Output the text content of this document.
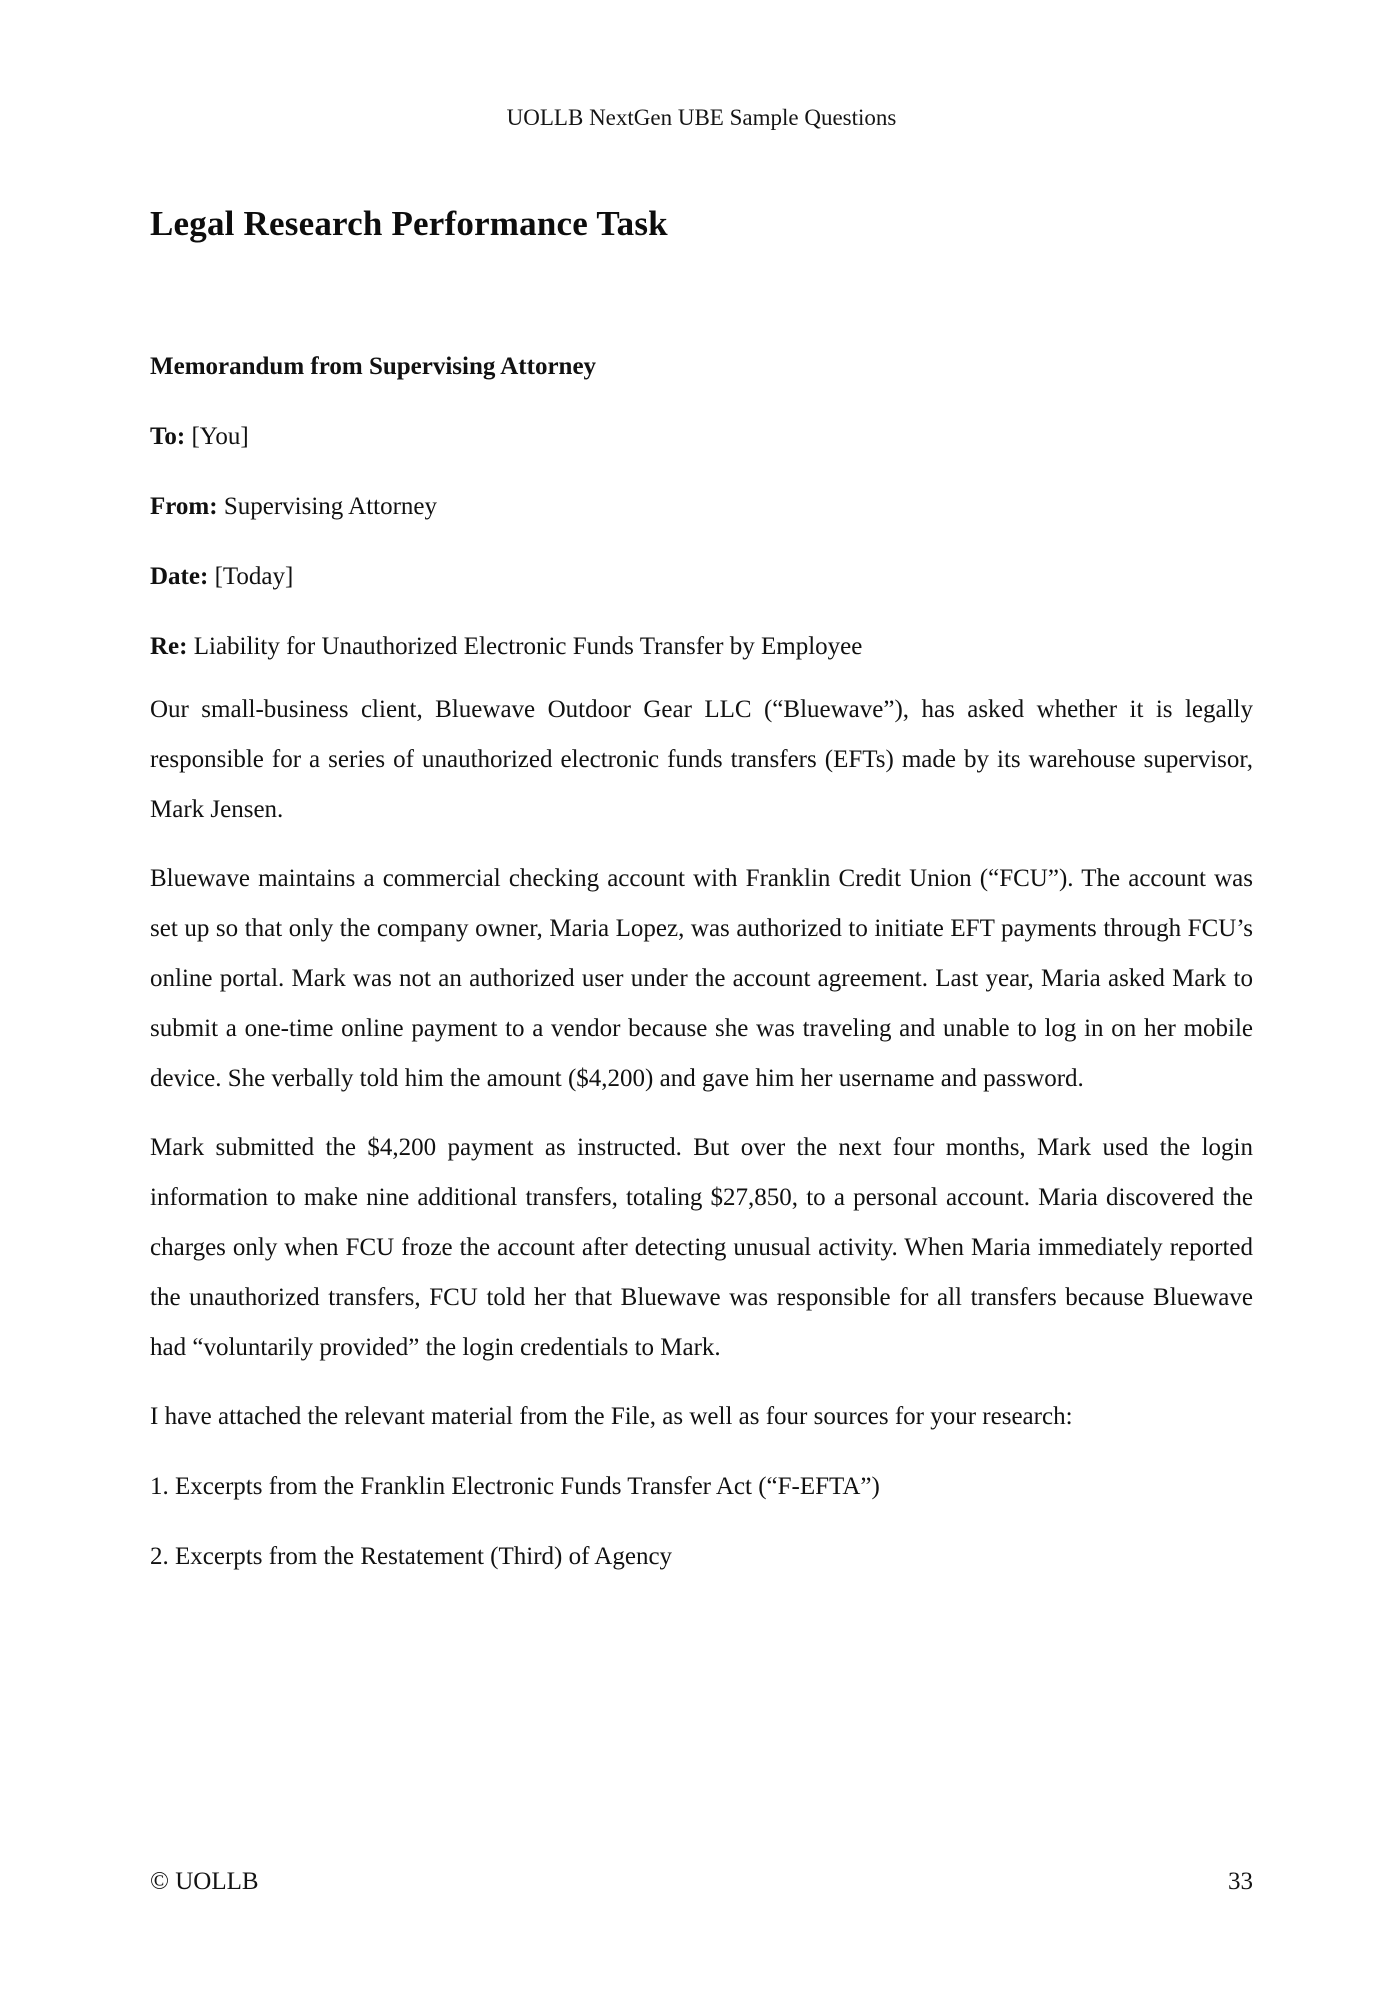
UOLLB NextGen UBE Sample Questions
Legal Research Performance Task
Memorandum from Supervising Attorney

To: [You]

From: Supervising Attorney

Date: [Today]

Re: Liability for Unauthorized Electronic Funds Transfer by Employee

Our small-business client, Bluewave Outdoor Gear LLC (“Bluewave”), has asked whether it is legally responsible for a series of unauthorized electronic funds transfers (EFTs) made by its warehouse supervisor, Mark Jensen.

Bluewave maintains a commercial checking account with Franklin Credit Union (“FCU”). The account was set up so that only the company owner, Maria Lopez, was authorized to initiate EFT payments through FCU’s online portal. Mark was not an authorized user under the account agreement. Last year, Maria asked Mark to submit a one-time online payment to a vendor because she was traveling and unable to log in on her mobile device. She verbally told him the amount ($4,200) and gave him her username and password.

Mark submitted the $4,200 payment as instructed. But over the next four months, Mark used the login information to make nine additional transfers, totaling $27,850, to a personal account. Maria discovered the charges only when FCU froze the account after detecting unusual activity. When Maria immediately reported the unauthorized transfers, FCU told her that Bluewave was responsible for all transfers because Bluewave had “voluntarily provided” the login credentials to Mark.

I have attached the relevant material from the File, as well as four sources for your research:

1. Excerpts from the Franklin Electronic Funds Transfer Act (“F-EFTA”)

2. Excerpts from the Restatement (Third) of Agency

© UOLLB	33
